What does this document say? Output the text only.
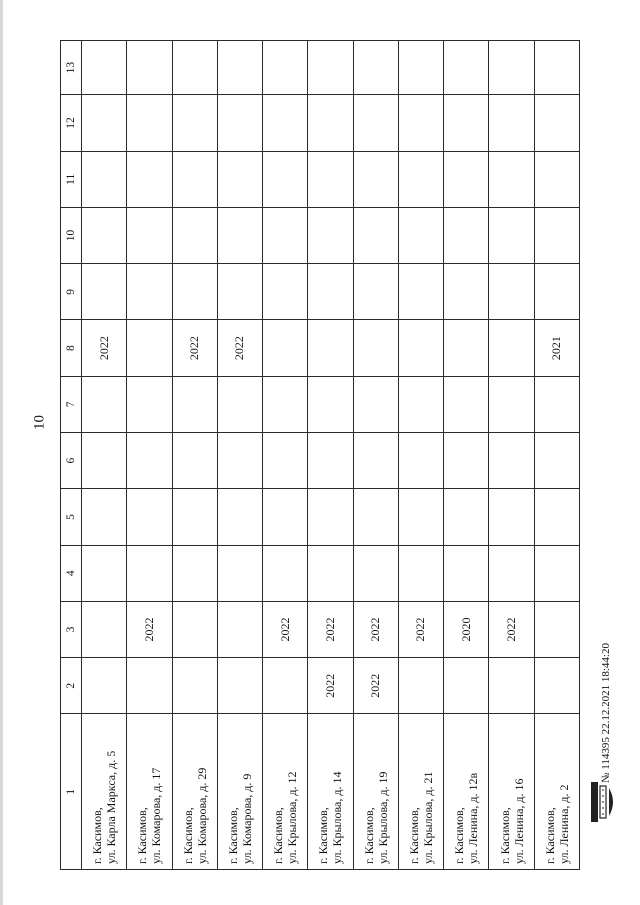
10
1	2	3	4	5	6	7	8	9	10	11	12	13

г. Касимов, ул. Карла Маркса, д. 5							2022					

г. Касимов, ул. Комарова, д. 17		2022										

г. Касимов, ул. Комарова, д. 29							2022					

г. Касимов, ул. Комарова, д. 9							2022					

г. Касимов, ул. Крылова, д. 12		2022										

г. Касимов, ул. Крылова, д. 14	2022	2022										

г. Касимов, ул. Крылова, д. 19	2022	2022										

г. Касимов, ул. Крылова, д. 21		2022										

г. Касимов, ул. Ленина, д. 12в		2020										

г. Касимов, ул. Ленина, д. 16		2022										

г. Касимов, ул. Ленина, д. 2							2021					
№ 114395 22.12.2021 18:44:20
